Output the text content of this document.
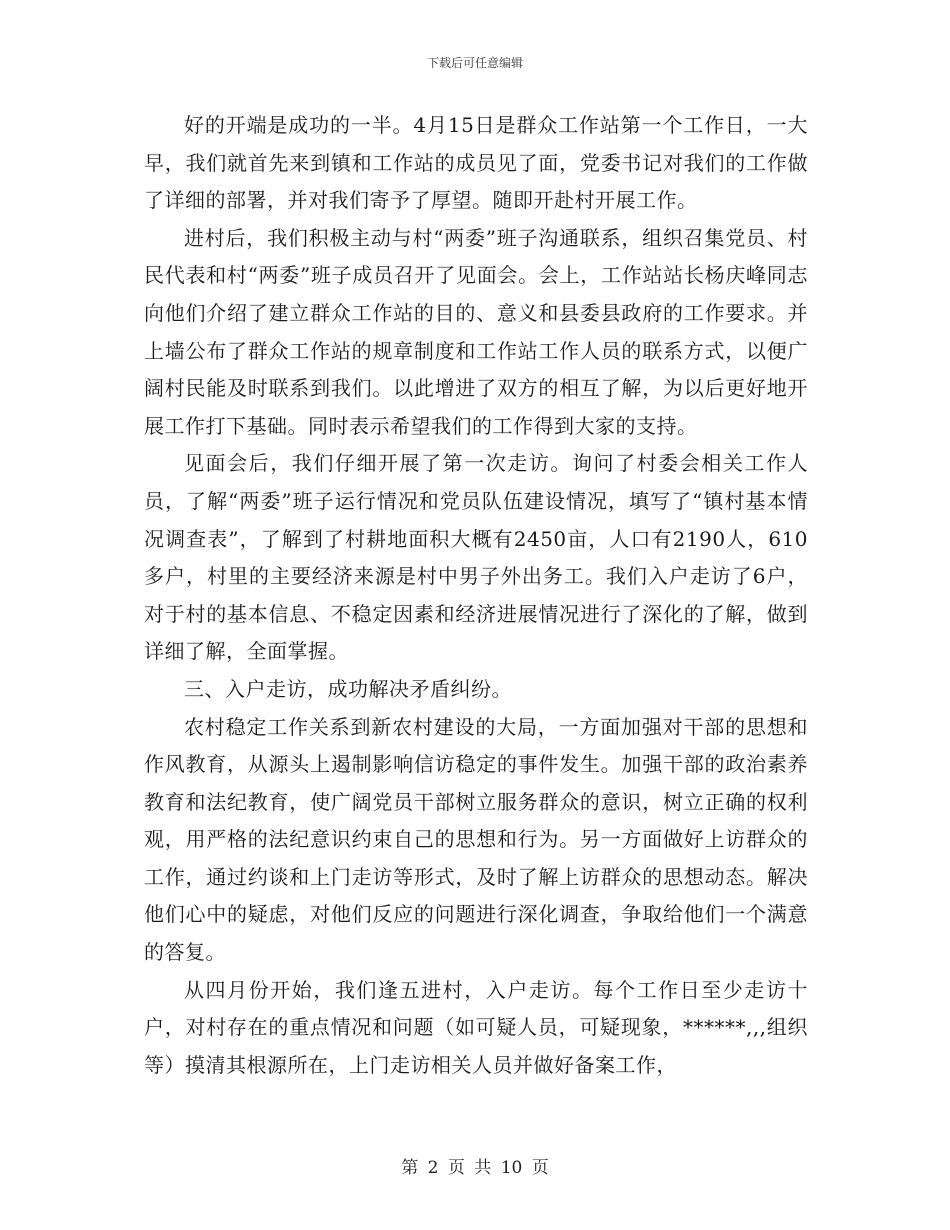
下载后可任意编辑

好的开端是成功的一半。4月15日是群众工作站第一个工作日，一大早，我们就首先来到镇和工作站的成员见了面，党委书记对我们的工作做了详细的部署，并对我们寄予了厚望。随即开赴村开展工作。

进村后，我们积极主动与村“两委”班子沟通联系，组织召集党员、村民代表和村“两委”班子成员召开了见面会。会上，工作站站长杨庆峰同志向他们介绍了建立群众工作站的目的、意义和县委县政府的工作要求。并上墙公布了群众工作站的规章制度和工作站工作人员的联系方式，以便广阔村民能及时联系到我们。以此增进了双方的相互了解，为以后更好地开展工作打下基础。同时表示希望我们的工作得到大家的支持。

见面会后，我们仔细开展了第一次走访。询问了村委会相关工作人员，了解“两委”班子运行情况和党员队伍建设情况，填写了“镇村基本情况调查表”，了解到了村耕地面积大概有2450亩，人口有2190人，610多户，村里的主要经济来源是村中男子外出务工。我们入户走访了6户，对于村的基本信息、不稳定因素和经济进展情况进行了深化的了解，做到详细了解，全面掌握。

三、入户走访，成功解决矛盾纠纷。

农村稳定工作关系到新农村建设的大局，一方面加强对干部的思想和作风教育，从源头上遏制影响信访稳定的事件发生。加强干部的政治素养教育和法纪教育，使广阔党员干部树立服务群众的意识，树立正确的权利观，用严格的法纪意识约束自己的思想和行为。另一方面做好上访群众的工作，通过约谈和上门走访等形式，及时了解上访群众的思想动态。解决他们心中的疑虑，对他们反应的问题进行深化调查，争取给他们一个满意的答复。

从四月份开始，我们逢五进村，入户走访。每个工作日至少走访十户，对村存在的重点情况和问题（如可疑人员，可疑现象，******,,,组织等）摸清其根源所在，上门走访相关人员并做好备案工作，

第 2 页 共 10 页
